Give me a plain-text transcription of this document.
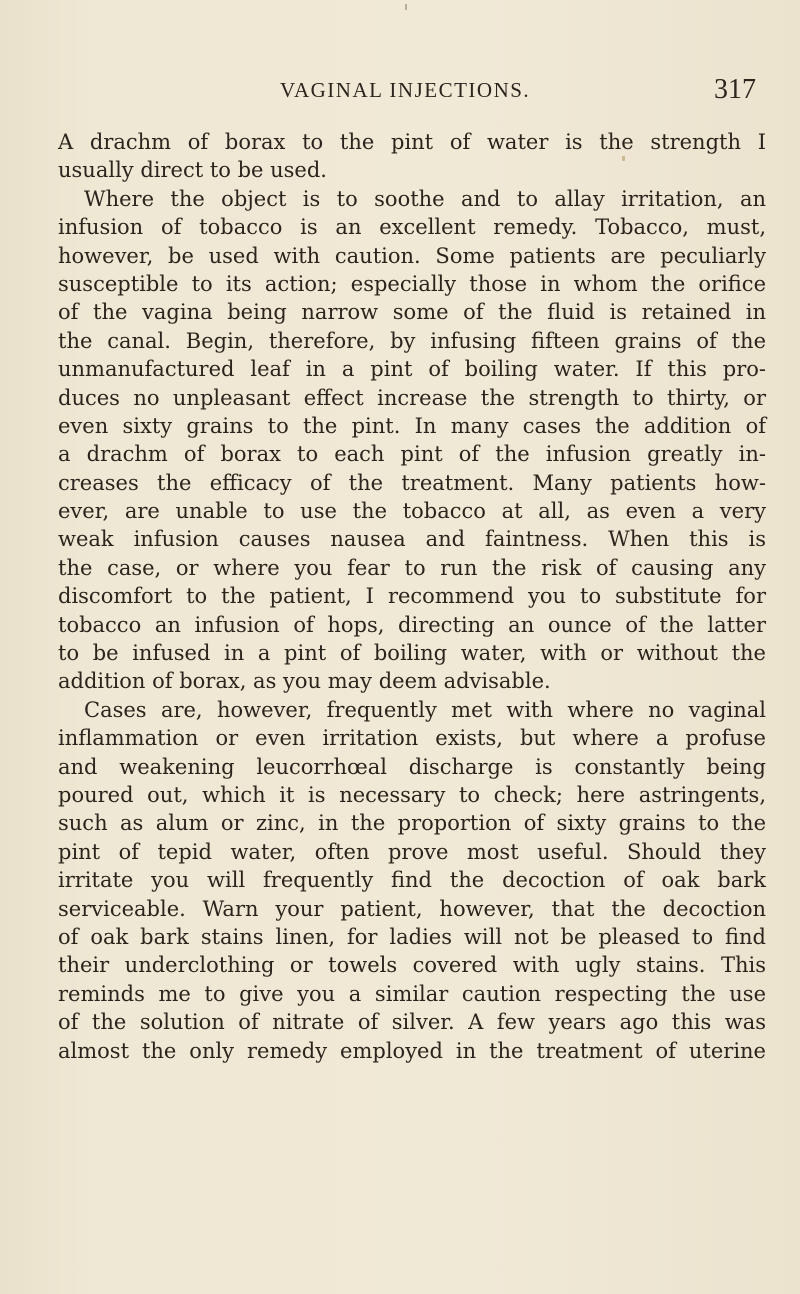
VAGINAL INJECTIONS.	317
A drachm of borax to the pint of water is the strength I
usually direct to be used.
Where the object is to soothe and to allay irritation, an
infusion of tobacco is an excellent remedy. Tobacco, must,
however, be used with caution. Some patients are peculiarly
susceptible to its action; especially those in whom the orifice
of the vagina being narrow some of the fluid is retained in
the canal. Begin, therefore, by infusing fifteen grains of the
unmanufactured leaf in a pint of boiling water. If this pro-
duces no unpleasant effect increase the strength to thirty, or
even sixty grains to the pint. In many cases the addition of
a drachm of borax to each pint of the infusion greatly in-
creases the efficacy of the treatment. Many patients how-
ever, are unable to use the tobacco at all, as even a very
weak infusion causes nausea and faintness. When this is
the case, or where you fear to run the risk of causing any
discomfort to the patient, I recommend you to substitute for
tobacco an infusion of hops, directing an ounce of the latter
to be infused in a pint of boiling water, with or without the
addition of borax, as you may deem advisable.
Cases are, however, frequently met with where no vaginal
inflammation or even irritation exists, but where a profuse
and weakening leucorrhœal discharge is constantly being
poured out, which it is necessary to check; here astringents,
such as alum or zinc, in the proportion of sixty grains to the
pint of tepid water, often prove most useful. Should they
irritate you will frequently find the decoction of oak bark
serviceable. Warn your patient, however, that the decoction
of oak bark stains linen, for ladies will not be pleased to find
their underclothing or towels covered with ugly stains. This
reminds me to give you a similar caution respecting the use
of the solution of nitrate of silver. A few years ago this was
almost the only remedy employed in the treatment of uterine
